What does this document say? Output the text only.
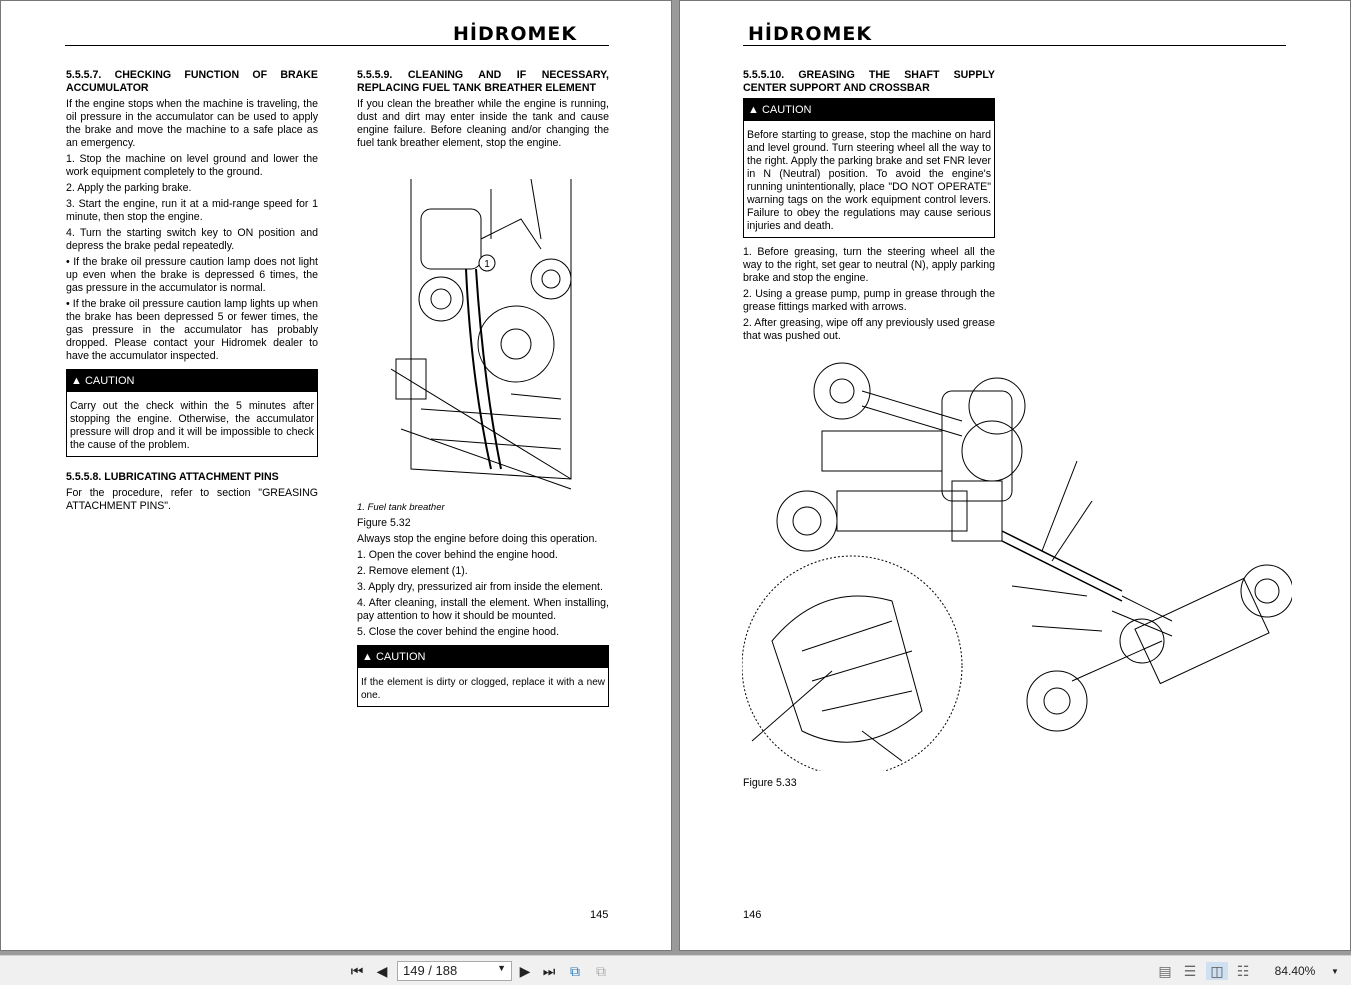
HİDROMEK
5.5.5.7. CHECKING FUNCTION OF BRAKE ACCUMULATOR

If the engine stops when the machine is traveling, the oil pressure in the accumulator can be used to apply the brake and move the machine to a safe place as an emergency.

1. Stop the machine on level ground and lower the work equipment completely to the ground.

2. Apply the parking brake.

3. Start the engine, run it at a mid-range speed for 1 minute, then stop the engine.

4. Turn the starting switch key to ON position and depress the brake pedal repeatedly.

• If the brake oil pressure caution lamp does not light up even when the brake is depressed 6 times, the gas pressure in the accumulator is normal.

• If the brake oil pressure caution lamp lights up when the brake has been depressed 5 or fewer times, the gas pressure in the accumulator has probably dropped. Please contact your Hidromek dealer to have the accumulator inspected.

▲ CAUTION
Carry out the check within the 5 minutes after stopping the engine. Otherwise, the accumulator pressure will drop and it will be impossible to check the cause of the problem.
5.5.5.8. LUBRICATING ATTACHMENT PINS

For the procedure, refer to section "GREASING ATTACHMENT PINS".

5.5.5.9. CLEANING AND IF NECESSARY, REPLACING FUEL TANK BREATHER ELEMENT

If you clean the breather while the engine is running, dust and dirt may enter inside the tank and cause engine failure. Before cleaning and/or changing the fuel tank breather element, stop the engine.

1

1. Fuel tank breather

Figure 5.32

Always stop the engine before doing this operation.

1. Open the cover behind the engine hood.

2. Remove element (1).

3. Apply dry, pressurized air from inside the element.

4. After cleaning, install the element. When installing, pay attention to how it should be mounted.

5. Close the cover behind the engine hood.

▲ CAUTION
If the element is dirty or clogged, replace it with a new one.
145
HİDROMEK
5.5.5.10. GREASING THE SHAFT SUPPLY CENTER SUPPORT AND CROSSBAR
▲ CAUTION
Before starting to grease, stop the machine on hard and level ground. Turn steering wheel all the way to the right. Apply the parking brake and set FNR lever in N (Neutral) position. To avoid the engine's running unintentionally, place "DO NOT OPERATE" warning tags on the work equipment control levers. Failure to obey the regulations may cause serious injuries and death.

1. Before greasing, turn the steering wheel all the way to the right, set gear to neutral (N), apply parking brake and stop the engine.

2. Using a grease pump, pump in grease through the grease fittings marked with arrows.

2. After greasing, wipe off any previously used grease that was pushed out.

Figure 5.33

146
⏮ ◀	149 / 188	▼ ▶ ⏭ ⧉ ⧉	▤ ☰	◫ ☷	84.40%	▼
